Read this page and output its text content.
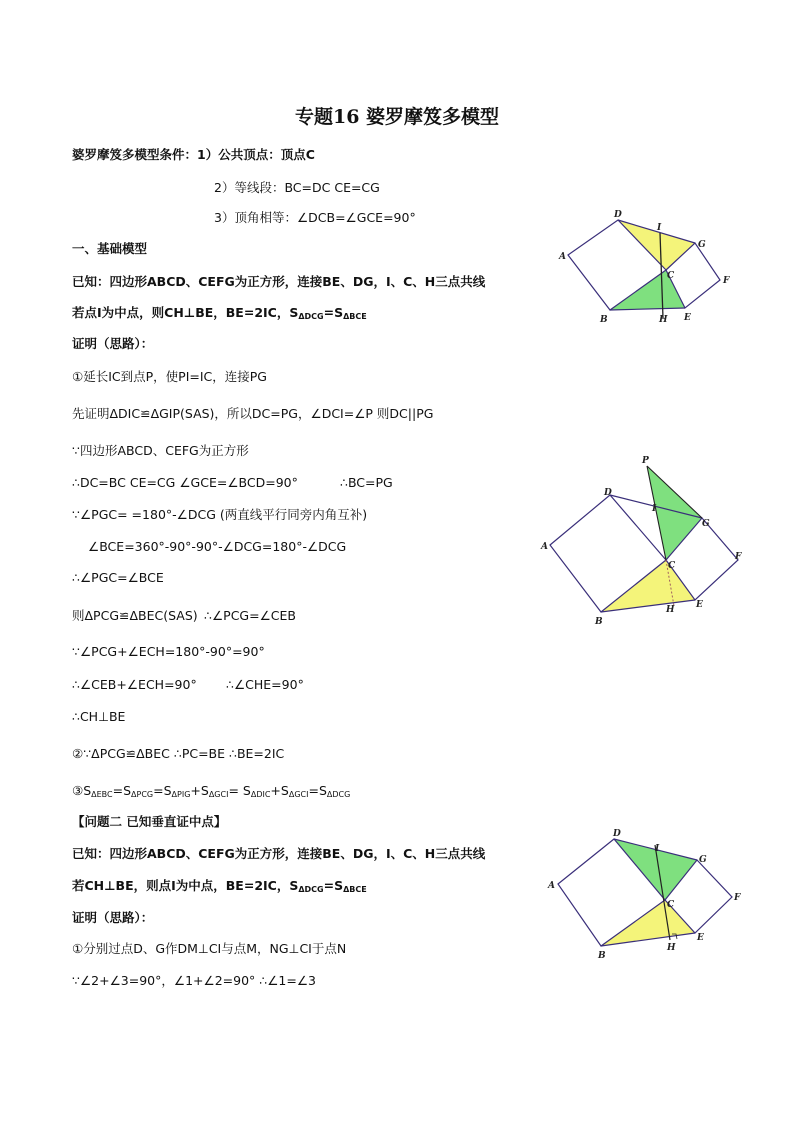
专题16 婆罗摩笈多模型
婆罗摩笈多模型条件：1）公共顶点：顶点C
2）等线段：BC=DC CE=CG
3）顶角相等：∠DCB=∠GCE=90°
一、基础模型
已知：四边形ABCD、CEFG为正方形，连接BE、DG，I、C、H三点共线
若点I为中点，则CH⊥BE，BE=2IC，$S_{\Delta DCG}=S_{\Delta BCE}$
证明（思路）：
①延长IC到点P，使PI=IC，连接PG
先证明ΔDIC≌ΔGIP(SAS)，所以DC=PG，∠DCI=∠P 则DC||PG
∵四边形ABCD、CEFG为正方形
∴DC=BC CE=CG ∠GCE=∠BCD=90°	∴BC=PG
∵∠PGC= =180°-∠DCG (两直线平行同旁内角互补)
∠BCE=360°-90°-90°-∠DCG=180°-∠DCG
∴∠PGC=∠BCE
则ΔPCG≌ΔBEC(SAS) ∴∠PCG=∠CEB
∵∠PCG+∠ECH=180°-90°=90°
∴∠CEB+∠ECH=90° ∴∠CHE=90°
∴CH⊥BE
②∵ΔPCG≌ΔBEC ∴PC=BE ∴BE=2IC
$③S_{\Delta EBC}=S_{\Delta PCG}=S_{\Delta PIG}+S_{\Delta GCI}= S_{\Delta DIC}+S_{\Delta GCI}=S_{\Delta DCG}$
【问题二 已知垂直证中点】
已知：四边形ABCD、CEFG为正方形，连接BE、DG，I、C、H三点共线
若CH⊥BE，则点I为中点，BE=2IC，$S_{\Delta DCG}=S_{\Delta BCE}$
证明（思路）：
①分别过点D、G作DM⊥CI与点M，NG⊥CI于点N
∵∠2+∠3=90°，∠1+∠2=90° ∴∠1=∠3
A
B
C
D
E
F
G
H
I
A
B
C
D
E
F
G
H
I
P
A
B
C
D
E
F
G
H
I
